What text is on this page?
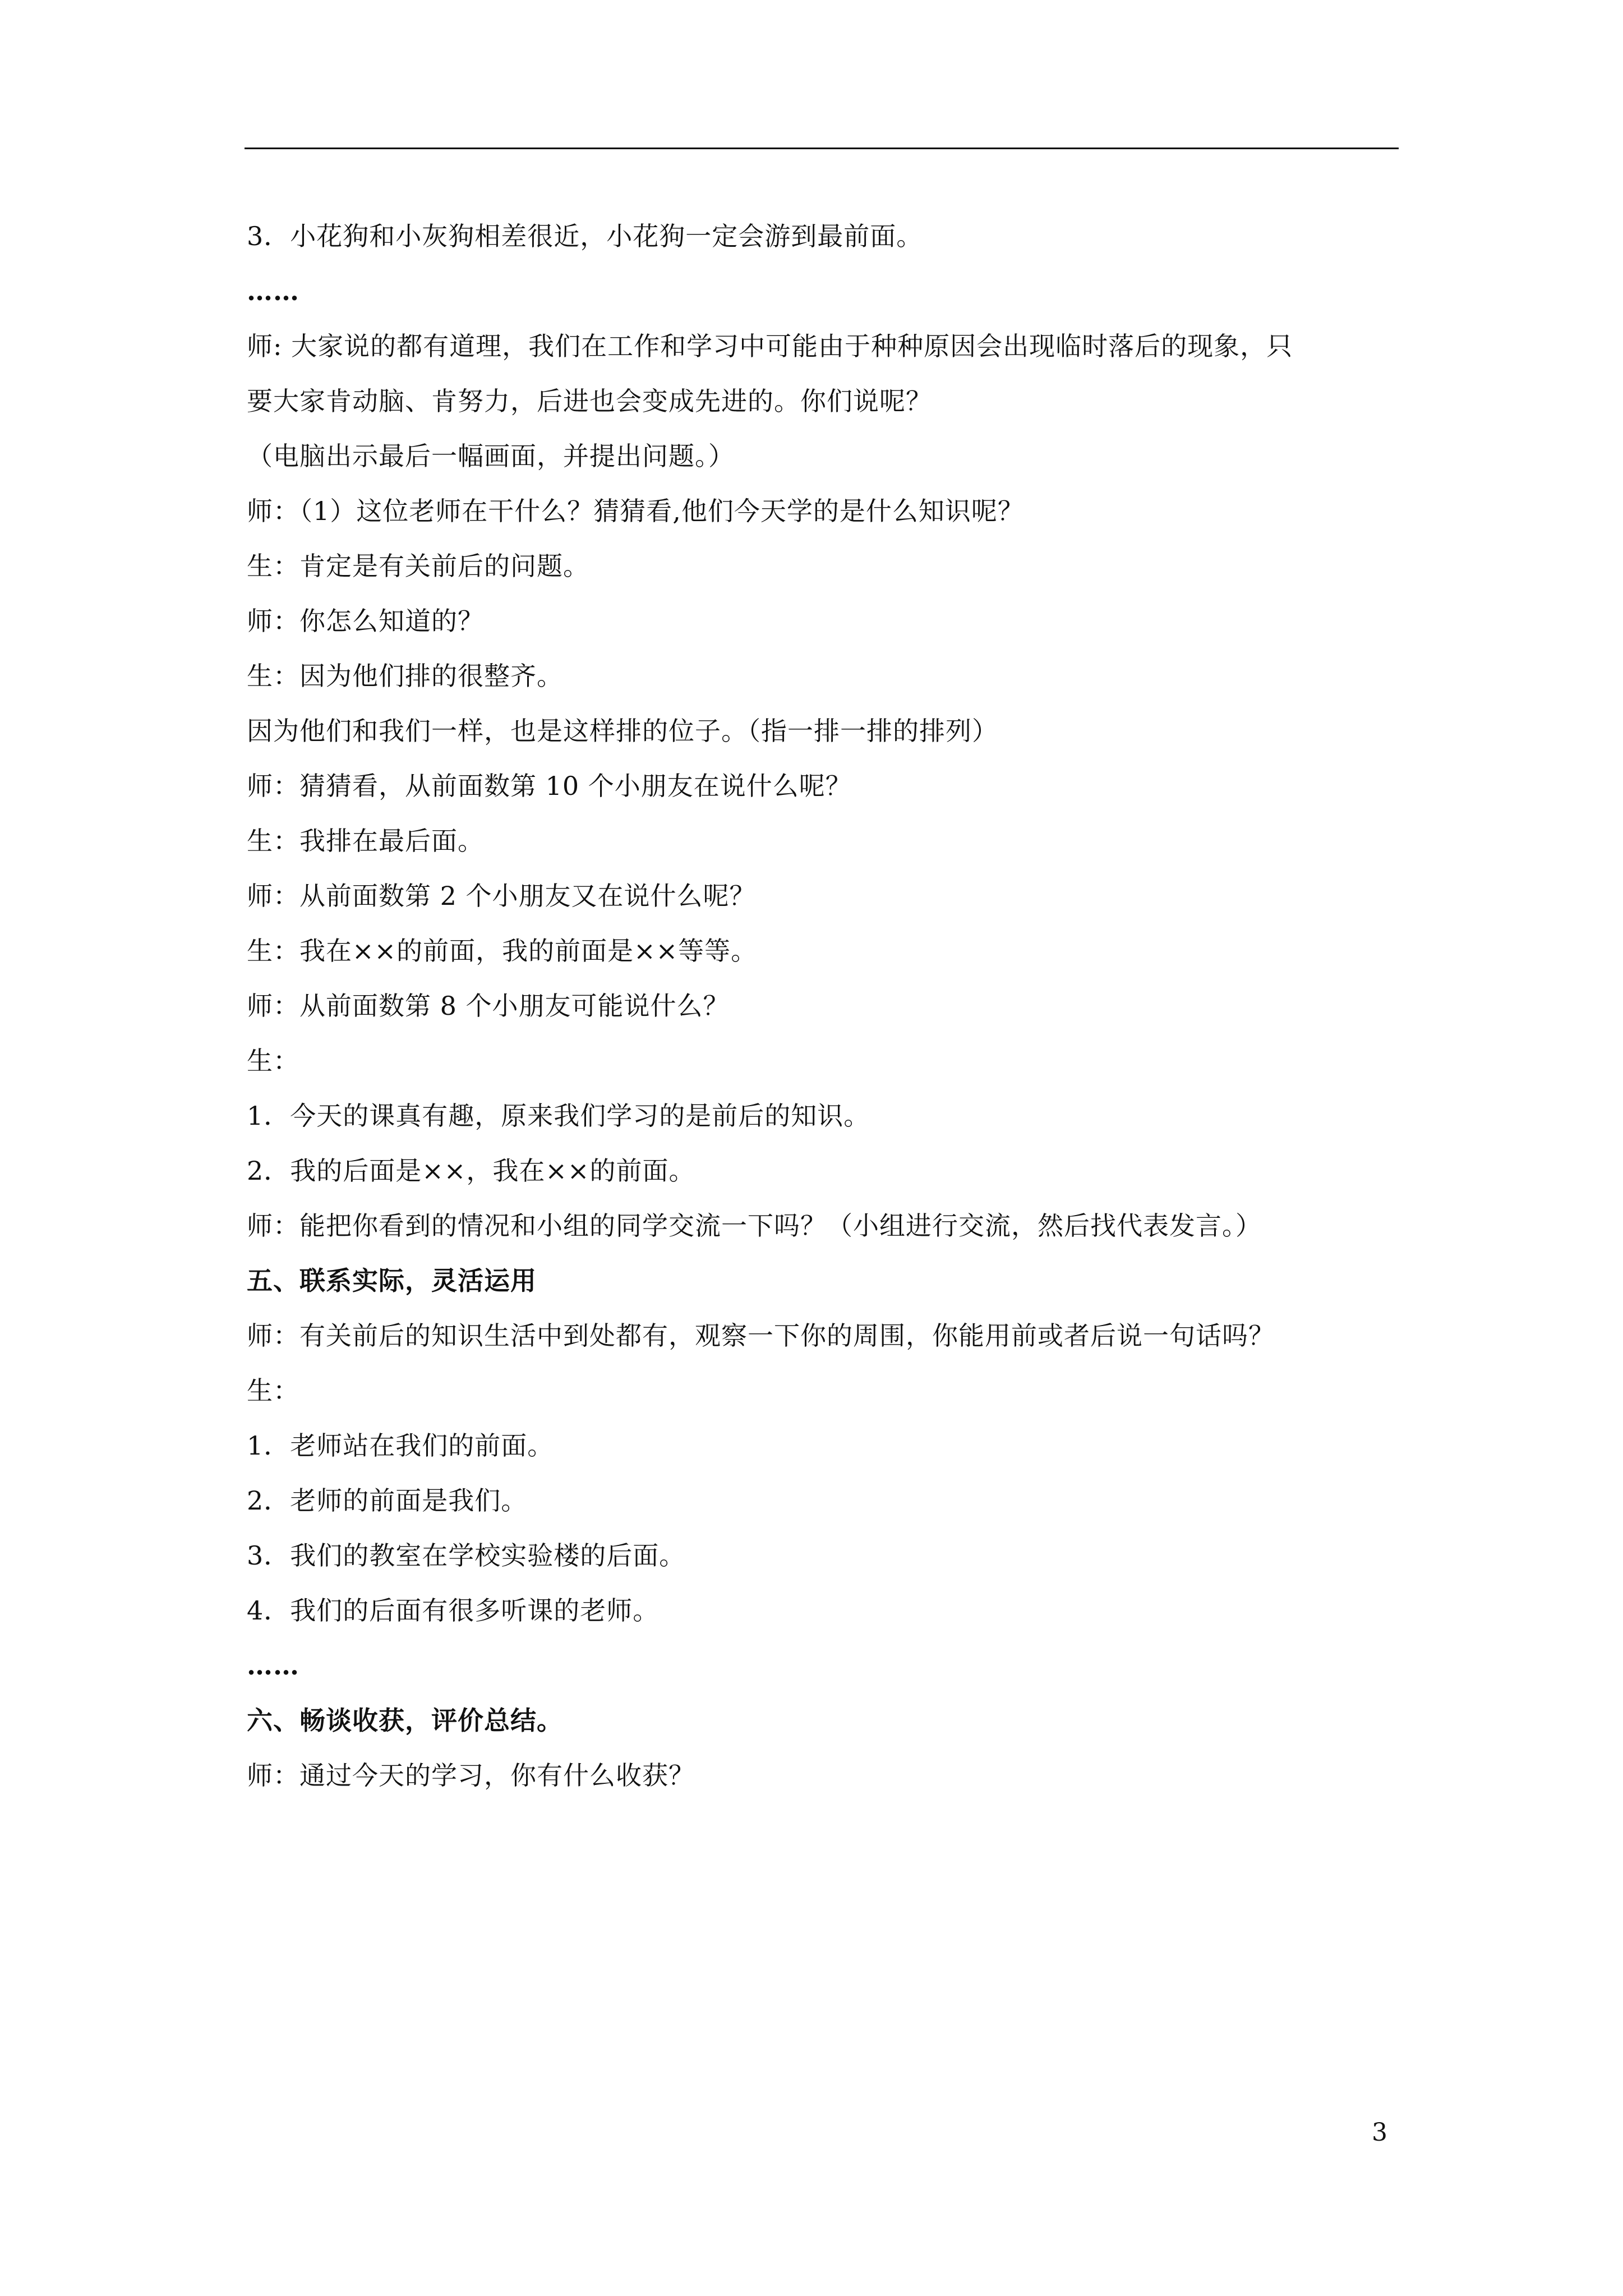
3．小花狗和小灰狗相差很近，小花狗一定会游到最前面。
……
师: 大家说的都有道理，我们在工作和学习中可能由于种种原因会出现临时落后的现象，只
要大家肯动脑、肯努力，后进也会变成先进的。你们说呢？
（电脑出示最后一幅画面，并提出问题。）
师：（1）这位老师在干什么？猜猜看,他们今天学的是什么知识呢？
生：肯定是有关前后的问题。
师：你怎么知道的？
生：因为他们排的很整齐。
因为他们和我们一样，也是这样排的位子。（指一排一排的排列）
师：猜猜看，从前面数第 10 个小朋友在说什么呢？
生：我排在最后面。
师：从前面数第 2 个小朋友又在说什么呢？
生：我在××的前面，我的前面是××等等。
师：从前面数第 8 个小朋友可能说什么？
生：
1．今天的课真有趣，原来我们学习的是前后的知识。
2．我的后面是××，我在××的前面。
师：能把你看到的情况和小组的同学交流一下吗？（小组进行交流，然后找代表发言。）
五、联系实际，灵活运用
师：有关前后的知识生活中到处都有，观察一下你的周围，你能用前或者后说一句话吗？
生：
1．老师站在我们的前面。
2．老师的前面是我们。
3．我们的教室在学校实验楼的后面。
4．我们的后面有很多听课的老师。
……
六、畅谈收获，评价总结。
师：通过今天的学习，你有什么收获？
3
